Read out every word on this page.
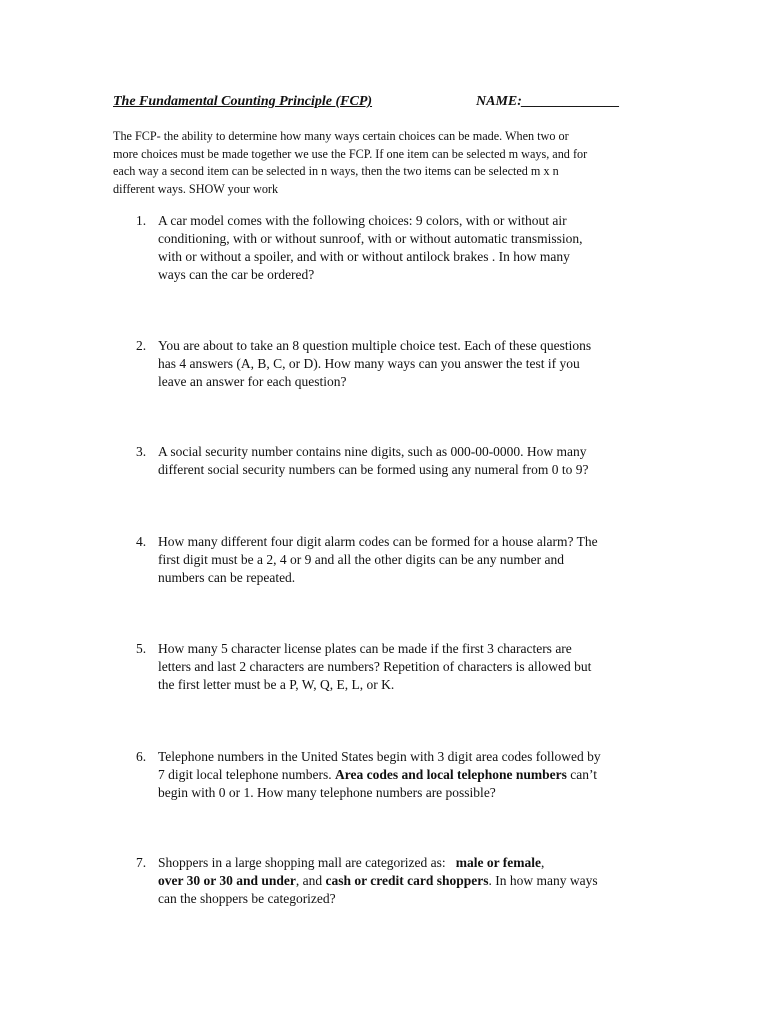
The Fundamental Counting Principle (FCP)	NAME:______________
The FCP- the ability to determine how many ways certain choices can be made. When two or
more choices must be made together we use the FCP. If one item can be selected m ways, and for
each way a second item can be selected in n ways, then the two items can be selected m x n
different ways. SHOW your work
1. A car model comes with the following choices: 9 colors, with or without air
conditioning, with or without sunroof, with or without automatic transmission,
with or without a spoiler, and with or without antilock brakes . In how many
ways can the car be ordered?
2. You are about to take an 8 question multiple choice test. Each of these questions
has 4 answers (A, B, C, or D). How many ways can you answer the test if you
leave an answer for each question?
3. A social security number contains nine digits, such as 000-00-0000. How many
different social security numbers can be formed using any numeral from 0 to 9?
4. How many different four digit alarm codes can be formed for a house alarm? The
first digit must be a 2, 4 or 9 and all the other digits can be any number and
numbers can be repeated.
5. How many 5 character license plates can be made if the first 3 characters are
letters and last 2 characters are numbers? Repetition of characters is allowed but
the first letter must be a P, W, Q, E, L, or K.
6. Telephone numbers in the United States begin with 3 digit area codes followed by
7 digit local telephone numbers. Area codes and local telephone numbers can’t
begin with 0 or 1. How many telephone numbers are possible?
7. Shoppers in a large shopping mall are categorized as:   male or female,
over 30 or 30 and under, and cash or credit card shoppers. In how many ways
can the shoppers be categorized?
